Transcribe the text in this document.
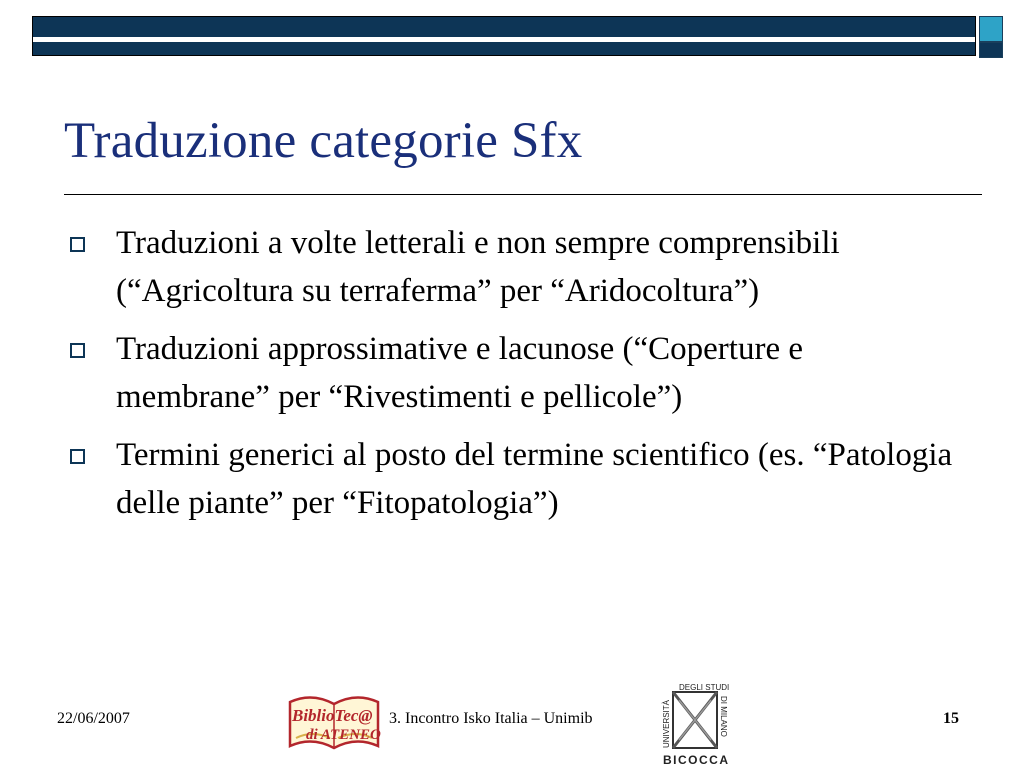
Traduzione categorie Sfx
Traduzioni a volte letterali e non sempre comprensibili (“Agricoltura su terraferma” per “Aridocoltura”)
Traduzioni approssimative e lacunose (“Coperture e membrane” per “Rivestimenti e pellicole”)
Termini generici al posto del termine scientifico (es. “Patologia delle piante” per “Fitopatologia”)
22/06/2007	BiblioTec@
di ATENEO
3. Incontro Isko Italia – Unimib
DEGLI STUDI
UNIVERSITÀ	DI MILANO
BICOCCA
15
